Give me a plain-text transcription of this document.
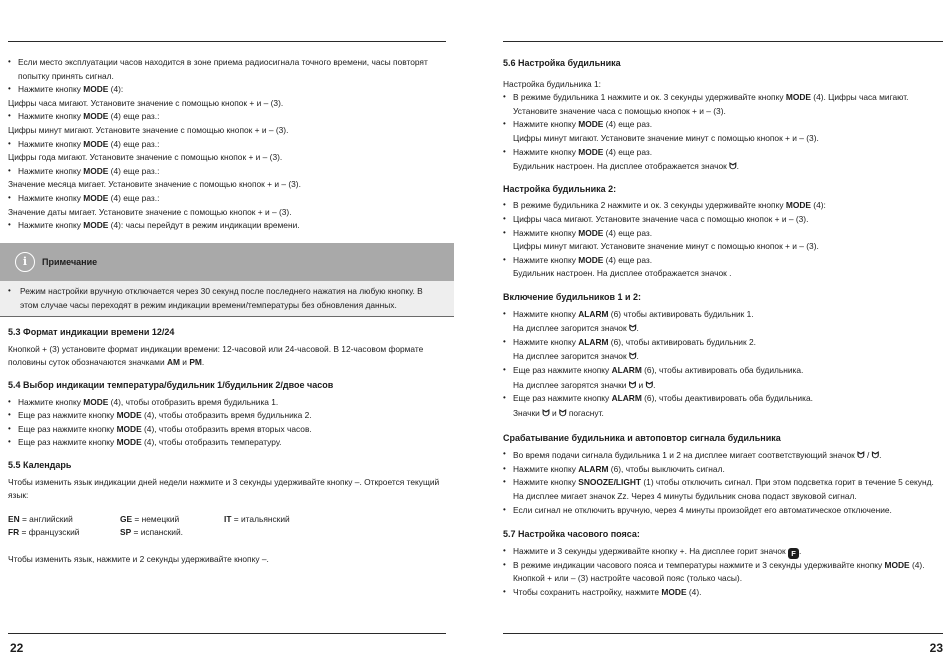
• Если место эксплуатации часов находится в зоне приема радиосигнала точного времени, часы повторят попытку принять сигнал.
• Нажмите кнопку MODE (4):

Цифры часа мигают. Установите значение с помощью кнопок + и – (3).

• Нажмите кнопку MODE (4) еще раз.:

Цифры минут мигают. Установите значение с помощью кнопок + и – (3).

• Нажмите кнопку MODE (4) еще раз.:

Цифры года мигают. Установите значение с помощью кнопок + и – (3).

• Нажмите кнопку MODE (4) еще раз.:

Значение месяца мигает. Установите значение с помощью кнопок + и – (3).

• Нажмите кнопку MODE (4) еще раз.:

Значение даты мигает. Установите значение с помощью кнопок + и – (3).

• Нажмите кнопку MODE (4): часы перейдут в режим индикации времени.
i	Примечание
• Режим настройки вручную отключается через 30 секунд после последнего нажатия на любую кнопку. В этом случае часы переходят в режим индикации времени/температуры без обновления данных.
5.3 Формат индикации времени 12/24

Кнопкой + (3) установите формат индикации времени: 12-часовой или 24-часовой. В 12-часовом формате половины суток обозначаются значками AM и PM.

5.4 Выбор индикации температура/будильник 1/будильник 2/двое часов
• Нажмите кнопку MODE (4), чтобы отобразить время будильника 1.
• Еще раз нажмите кнопку MODE (4), чтобы отобразить время будильника 2.
• Еще раз нажмите кнопку MODE (4), чтобы отобразить время вторых часов.
• Еще раз нажмите кнопку MODE (4), чтобы отобразить температуру.
5.5 Календарь

Чтобы изменить язык индикации дней недели нажмите и 3 секунды удерживайте кнопку –. Откроется текущий язык:

EN = английский	GE = немецкий	IT = итальянский
FR = французский	SP = испанский.

Чтобы изменить язык, нажмите и 2 секунды удерживайте кнопку –.

22
5.6 Настройка будильника

Настройка будильника 1:

• В режиме будильника 1 нажмите и ок. 3 секунды удерживайте кнопку MODE (4). Цифры часа мигают. Установите значение часа с помощью кнопок + и – (3).
• Нажмите кнопку MODE (4) еще раз.

Цифры минут мигают. Установите значение минут с помощью кнопок + и – (3).

• Нажмите кнопку MODE (4) еще раз.

Будильник настроен. На дисплее отображается значок ᗢ.

Настройка будильника 2:
• В режиме будильника 2 нажмите и ок. 3 секунды удерживайте кнопку MODE (4):
• Цифры часа мигают. Установите значение часа с помощью кнопок + и – (3).
• Нажмите кнопку MODE (4) еще раз.

Цифры минут мигают. Установите значение минут с помощью кнопок + и – (3).

• Нажмите кнопку MODE (4) еще раз.

Будильник настроен. На дисплее отображается значок .

Включение будильников 1 и 2:
• Нажмите кнопку ALARM (6) чтобы активировать будильник 1.

На дисплее загорится значок ᗢ.

• Нажмите кнопку ALARM (6), чтобы активировать будильник 2.

На дисплее загорится значок ᗢ.

• Еще раз нажмите кнопку ALARM (6), чтобы активировать оба будильника.

На дисплее загорятся значки ᗢ и ᗢ.

• Еще раз нажмите кнопку ALARM (6), чтобы деактивировать оба будильника.

Значки ᗢ и ᗢ погаснут.

Срабатывание будильника и автоповтор сигнала будильника
• Во время подачи сигнала будильника 1 и 2 на дисплее мигает соответствующий значок ᗢ / ᗢ.
• Нажмите кнопку ALARM (6), чтобы выключить сигнал.
• Нажмите кнопку SNOOZE/LIGHT (1) чтобы отключить сигнал. При этом подсветка горит в течение 5 секунд. На дисплее мигает значок Zz. Через 4 минуты будильник снова подаст звуковой сигнал.
• Если сигнал не отключить вручную, через 4 минуты произойдет его автоматическое отключение.
5.7 Настройка часового пояса:
• Нажмите и 3 секунды удерживайте кнопку +. На дисплее горит значок F .
• В режиме индикации часового пояса и температуры нажмите и 3 секунды удерживайте кнопку MODE (4). Кнопкой + или – (3) настройте часовой пояс (только часы).
• Чтобы сохранить настройку, нажмите MODE (4).
23
